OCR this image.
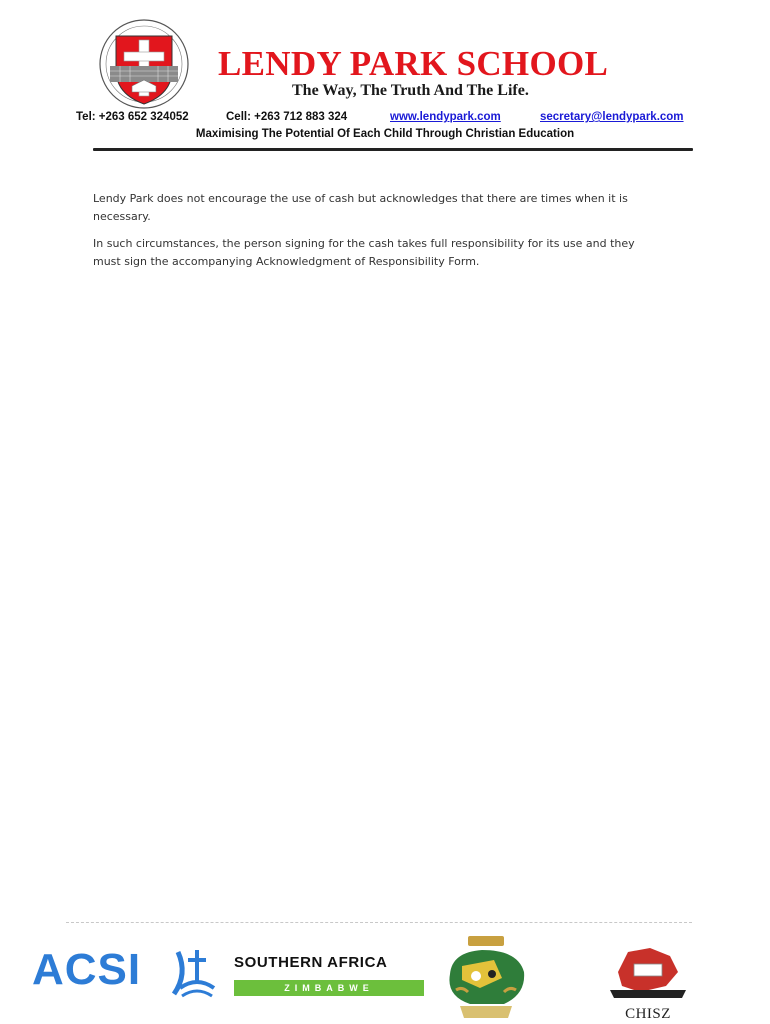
LENDY PARK SCHOOL
The Way, The Truth And The Life.
Tel: +263 652 324052	Cell: +263 712 883 324	www.lendypark.com	secretary@lendypark.com
Maximising The Potential Of Each Child Through Christian Education

Lendy Park does not encourage the use of cash but acknowledges that there are times when it is necessary.

In such circumstances, the person signing for the cash takes full responsibility for its use and they must sign the accompanying Acknowledgment of Responsibility Form.

ACSI	SOUTHERN AFRICA
ZIMBABWE
CHISZ
